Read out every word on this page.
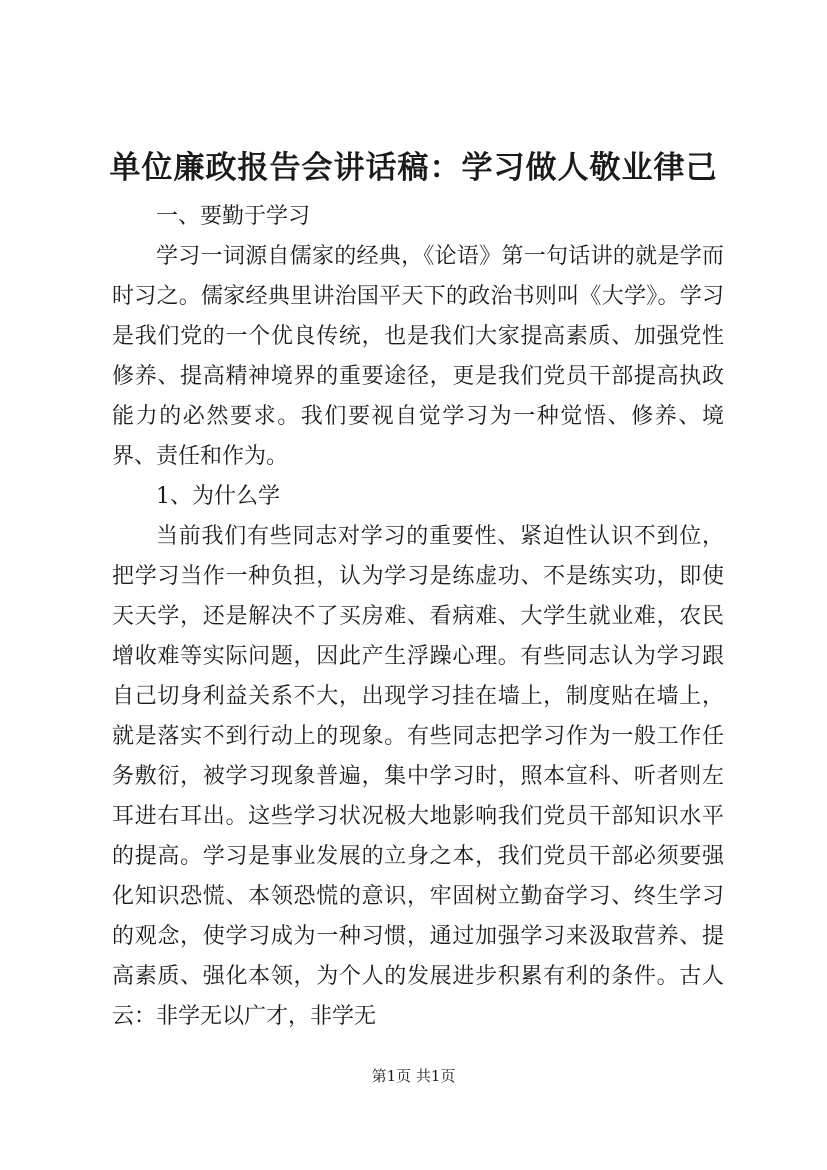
单位廉政报告会讲话稿：学习做人敬业律己

一、要勤于学习

学习一词源自儒家的经典，《论语》第一句话讲的就是学而时习之。儒家经典里讲治国平天下的政治书则叫《大学》。学习是我们党的一个优良传统，也是我们大家提高素质、加强党性修养、提高精神境界的重要途径，更是我们党员干部提高执政能力的必然要求。我们要视自觉学习为一种觉悟、修养、境界、责任和作为。

1、为什么学

当前我们有些同志对学习的重要性、紧迫性认识不到位，把学习当作一种负担，认为学习是练虚功、不是练实功，即使天天学，还是解决不了买房难、看病难、大学生就业难，农民增收难等实际问题，因此产生浮躁心理。有些同志认为学习跟自己切身利益关系不大，出现学习挂在墙上，制度贴在墙上，就是落实不到行动上的现象。有些同志把学习作为一般工作任务敷衍，被学习现象普遍，集中学习时，照本宣科、听者则左耳进右耳出。这些学习状况极大地影响我们党员干部知识水平的提高。学习是事业发展的立身之本，我们党员干部必须要强化知识恐慌、本领恐慌的意识，牢固树立勤奋学习、终生学习的观念，使学习成为一种习惯，通过加强学习来汲取营养、提高素质、强化本领，为个人的发展进步积累有利的条件。古人云：非学无以广才，非学无

第1页 共1页
